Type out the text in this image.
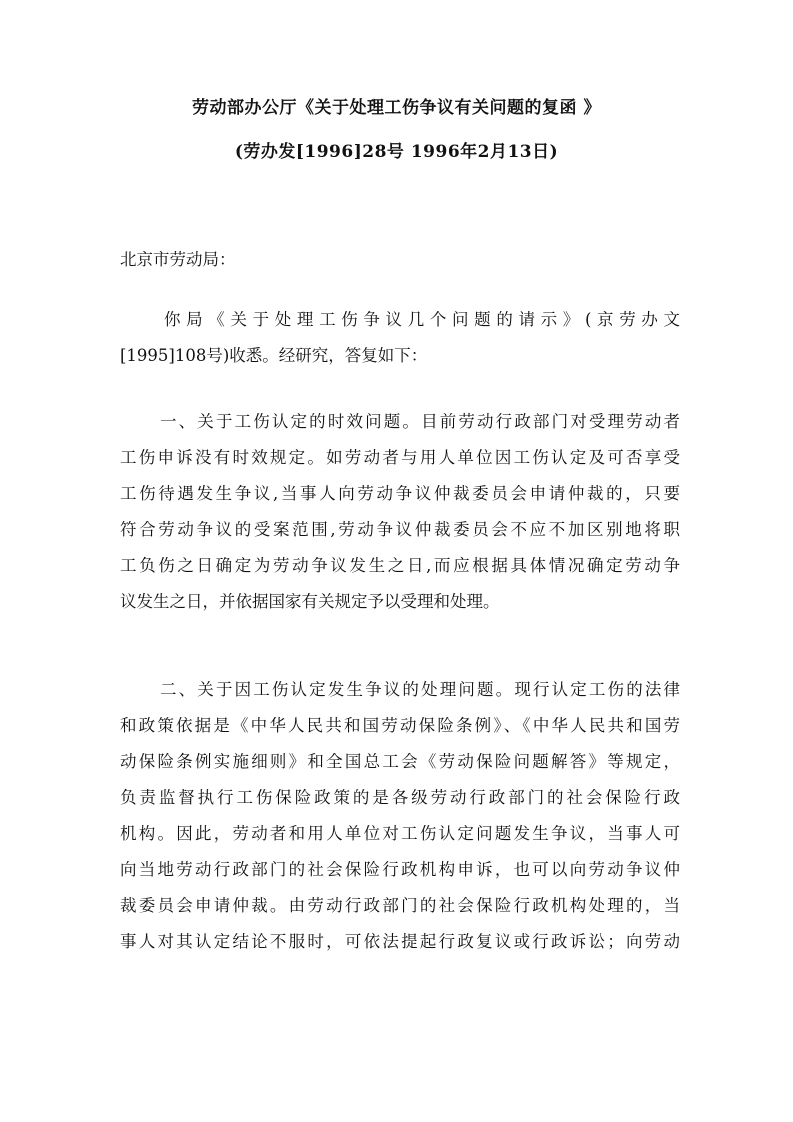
劳动部办公厅《关于处理工伤争议有关问题的复函 》
(劳办发[1996]28号 1996年2月13日)
北京市劳动局：
你局《关于处理工伤争议几个问题的请示》(京劳办文
[1995]108号)收悉。经研究，答复如下：
一、关于工伤认定的时效问题。目前劳动行政部门对受理劳动者
工伤申诉没有时效规定。如劳动者与用人单位因工伤认定及可否享受
工伤待遇发生争议,当事人向劳动争议仲裁委员会申请仲裁的，只要
符合劳动争议的受案范围,劳动争议仲裁委员会不应不加区别地将职
工负伤之日确定为劳动争议发生之日,而应根据具体情况确定劳动争
议发生之日，并依据国家有关规定予以受理和处理。
二、关于因工伤认定发生争议的处理问题。现行认定工伤的法律
和政策依据是《中华人民共和国劳动保险条例》、《中华人民共和国劳
动保险条例实施细则》和全国总工会《劳动保险问题解答》等规定，
负责监督执行工伤保险政策的是各级劳动行政部门的社会保险行政
机构。因此，劳动者和用人单位对工伤认定问题发生争议，当事人可
向当地劳动行政部门的社会保险行政机构申诉，也可以向劳动争议仲
裁委员会申请仲裁。由劳动行政部门的社会保险行政机构处理的，当
事人对其认定结论不服时，可依法提起行政复议或行政诉讼；向劳动
